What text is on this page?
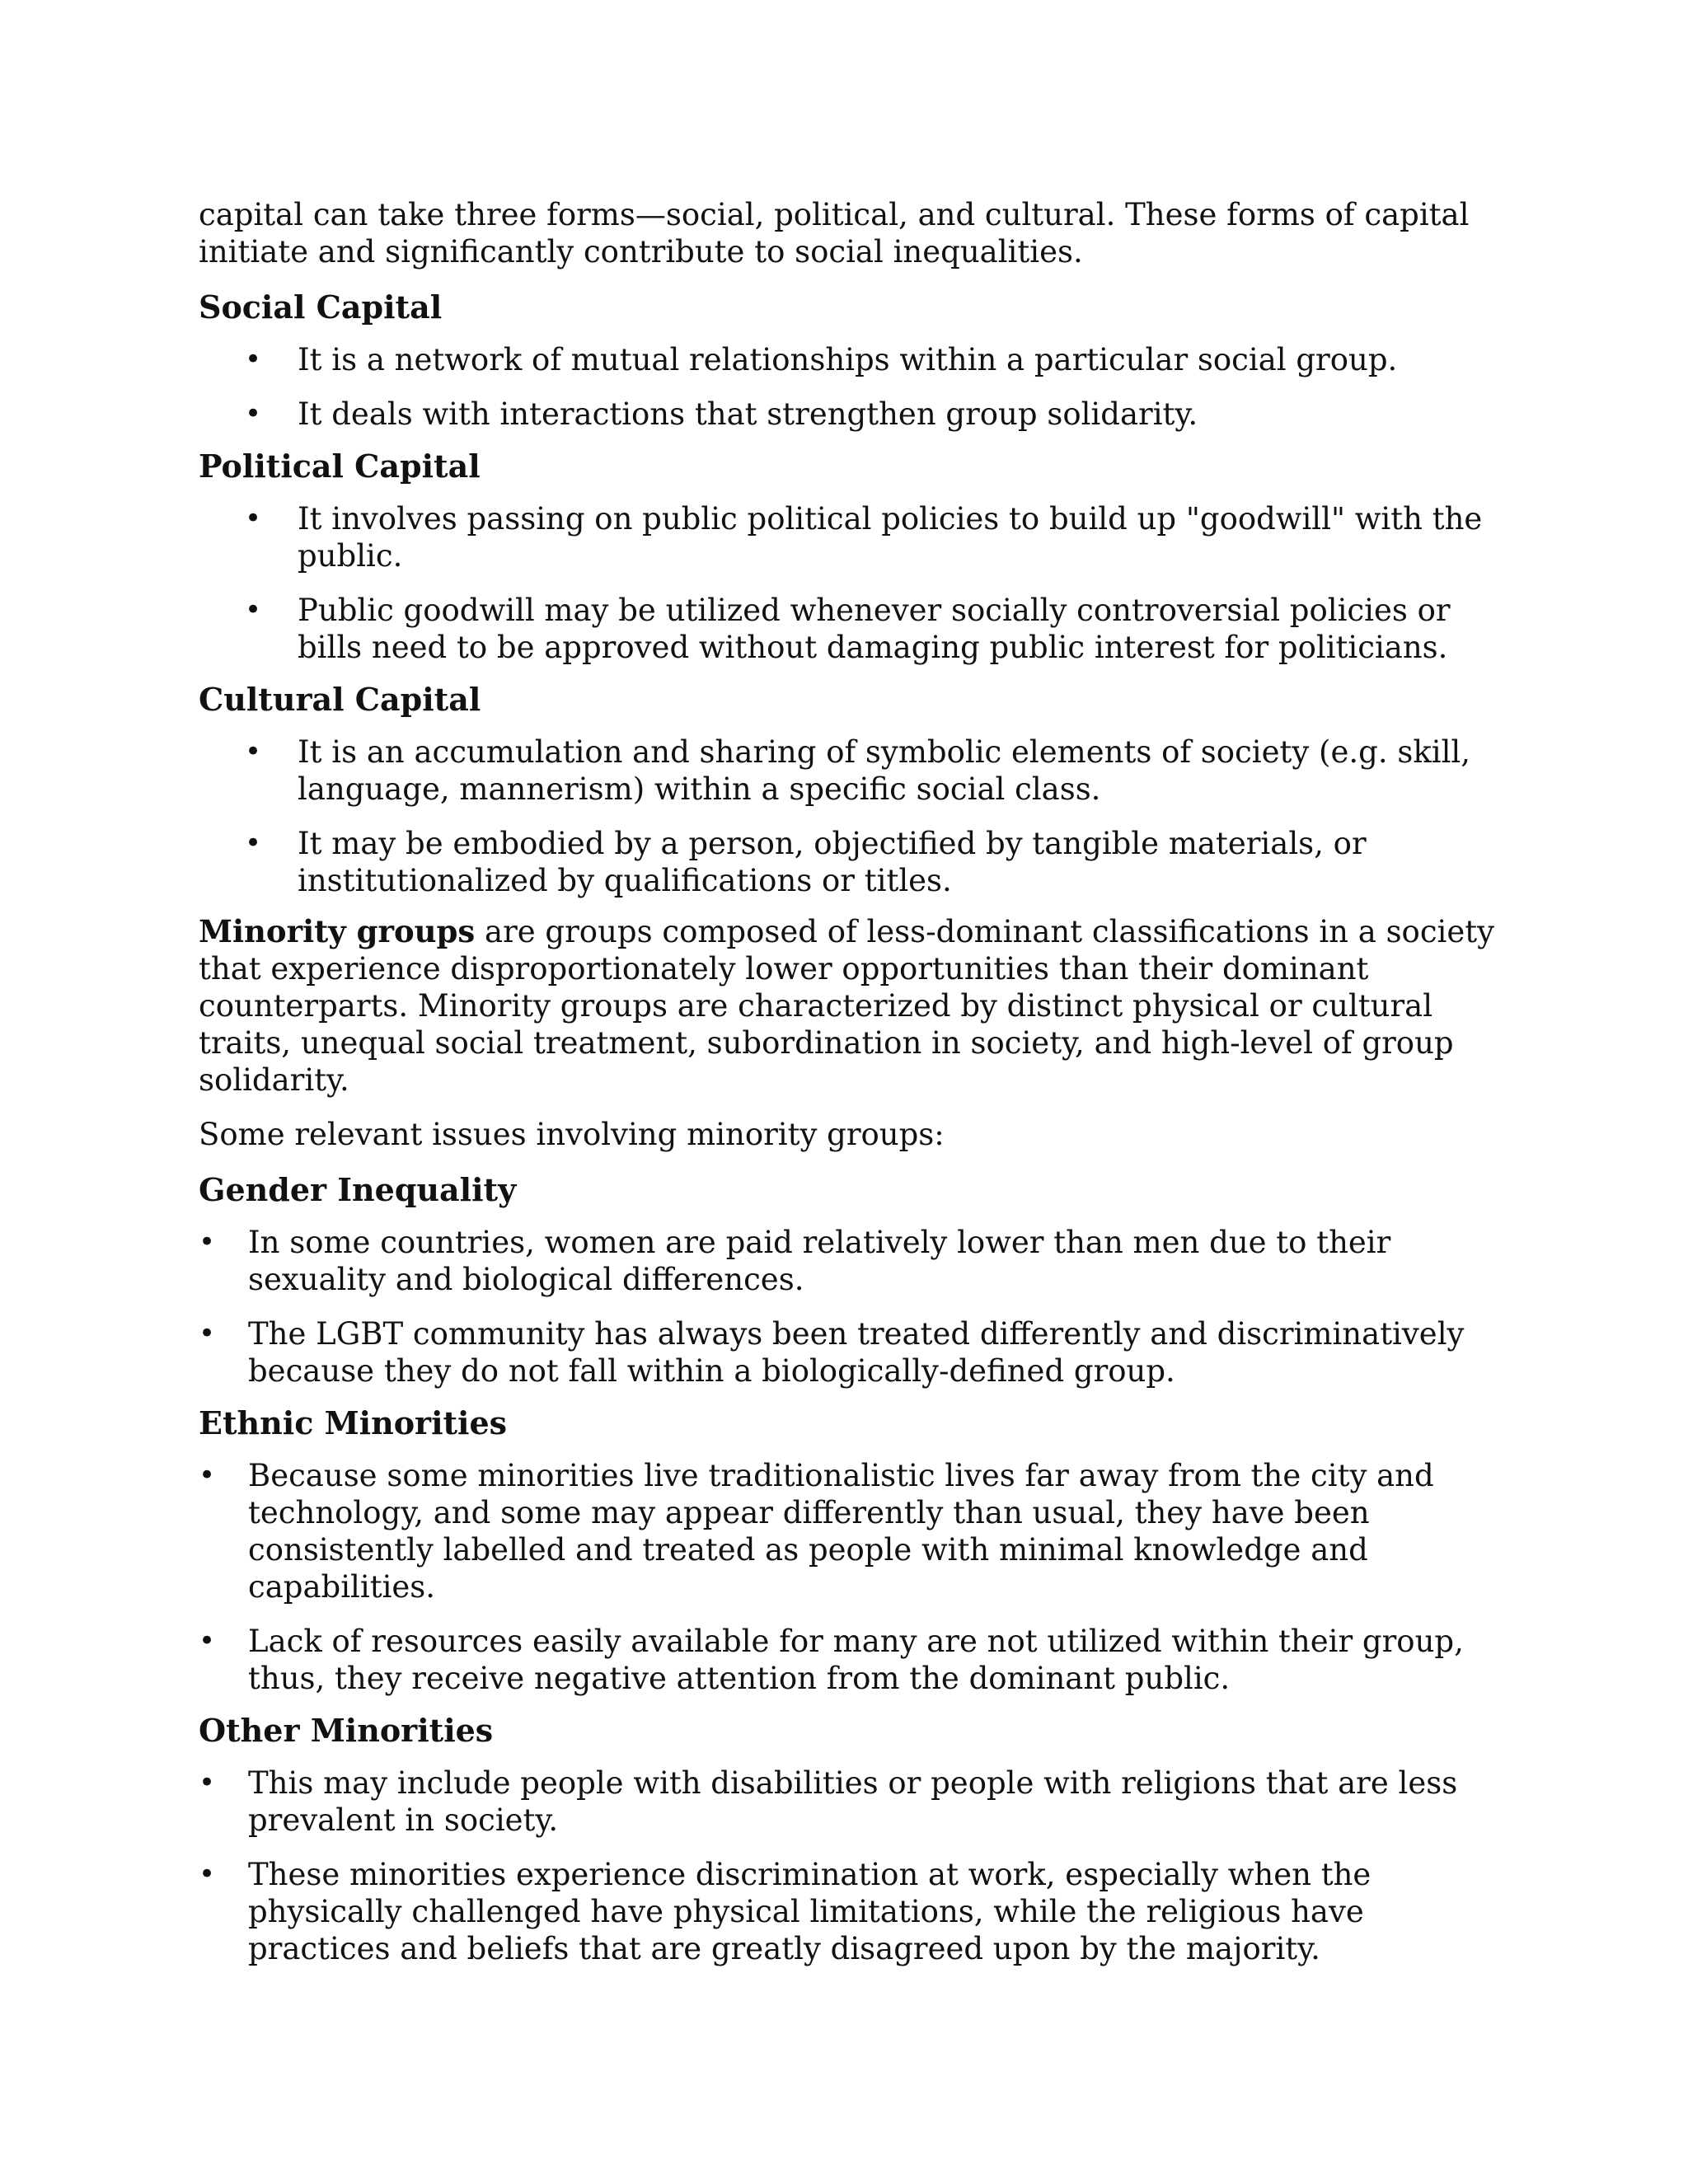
capital can take three forms—social, political, and cultural. These forms of capital initiate and significantly contribute to social inequalities.

Social Capital
• It is a network of mutual relationships within a particular social group.
• It deals with interactions that strengthen group solidarity.
Political Capital
• It involves passing on public political policies to build up "goodwill" with the public.
• Public goodwill may be utilized whenever socially controversial policies or bills need to be approved without damaging public interest for politicians.
Cultural Capital
• It is an accumulation and sharing of symbolic elements of society (e.g. skill, language, mannerism) within a specific social class.
• It may be embodied by a person, objectified by tangible materials, or institutionalized by qualifications or titles.

Minority groups are groups composed of less-dominant classifications in a society that experience disproportionately lower opportunities than their dominant counterparts. Minority groups are characterized by distinct physical or cultural traits, unequal social treatment, subordination in society, and high-level of group solidarity.

Some relevant issues involving minority groups:

Gender Inequality
• In some countries, women are paid relatively lower than men due to their sexuality and biological differences.
• The LGBT community has always been treated differently and discriminatively because they do not fall within a biologically-defined group.
Ethnic Minorities
• Because some minorities live traditionalistic lives far away from the city and technology, and some may appear differently than usual, they have been consistently labelled and treated as people with minimal knowledge and capabilities.
• Lack of resources easily available for many are not utilized within their group, thus, they receive negative attention from the dominant public.
Other Minorities
• This may include people with disabilities or people with religions that are less prevalent in society.
• These minorities experience discrimination at work, especially when the physically challenged have physical limitations, while the religious have practices and beliefs that are greatly disagreed upon by the majority.
